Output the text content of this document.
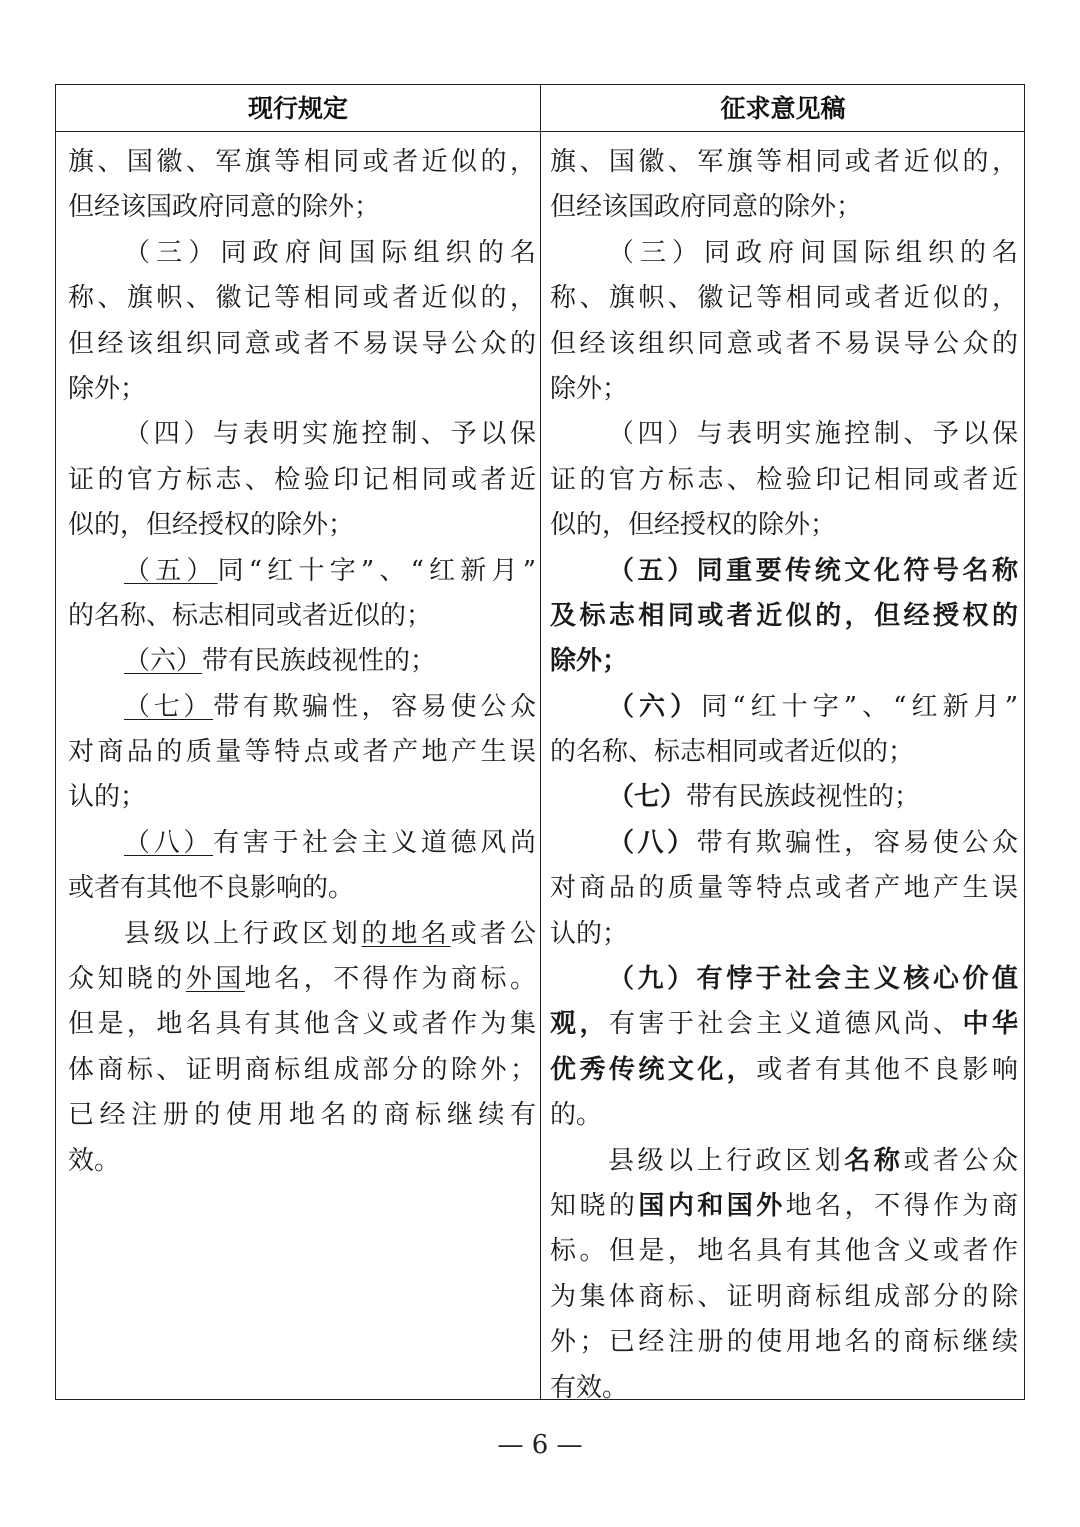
现行规定	征求意见稿
旗、国徽、军旗等相同或者近似的，
但经该国政府同意的除外；
（三）同政府间国际组织的名
称、旗帜、徽记等相同或者近似的，
但经该组织同意或者不易误导公众的
除外；
（四）与表明实施控制、予以保
证的官方标志、检验印记相同或者近
似的，但经授权的除外；
（五）同“红十字”、“红新月”
的名称、标志相同或者近似的；
（六）带有民族歧视性的；
（七）带有欺骗性，容易使公众
对商品的质量等特点或者产地产生误
认的；
（八）有害于社会主义道德风尚
或者有其他不良影响的。
县级以上行政区划的地名或者公
众知晓的外国地名，不得作为商标。
但是，地名具有其他含义或者作为集
体商标、证明商标组成部分的除外；
已经注册的使用地名的商标继续有
效。
旗、国徽、军旗等相同或者近似的，
但经该国政府同意的除外；
（三）同政府间国际组织的名
称、旗帜、徽记等相同或者近似的，
但经该组织同意或者不易误导公众的
除外；
（四）与表明实施控制、予以保
证的官方标志、检验印记相同或者近
似的，但经授权的除外；
（五）同重要传统文化符号名称
及标志相同或者近似的，但经授权的
除外；
（六）同“红十字”、“红新月”
的名称、标志相同或者近似的；
（七）带有民族歧视性的；
（八）带有欺骗性，容易使公众
对商品的质量等特点或者产地产生误
认的；
（九）有悖于社会主义核心价值
观，有害于社会主义道德风尚、中华
优秀传统文化，或者有其他不良影响
的。
县级以上行政区划名称或者公众
知晓的国内和国外地名，不得作为商
标。但是，地名具有其他含义或者作
为集体商标、证明商标组成部分的除
外；已经注册的使用地名的商标继续
有效。
— 6 —
